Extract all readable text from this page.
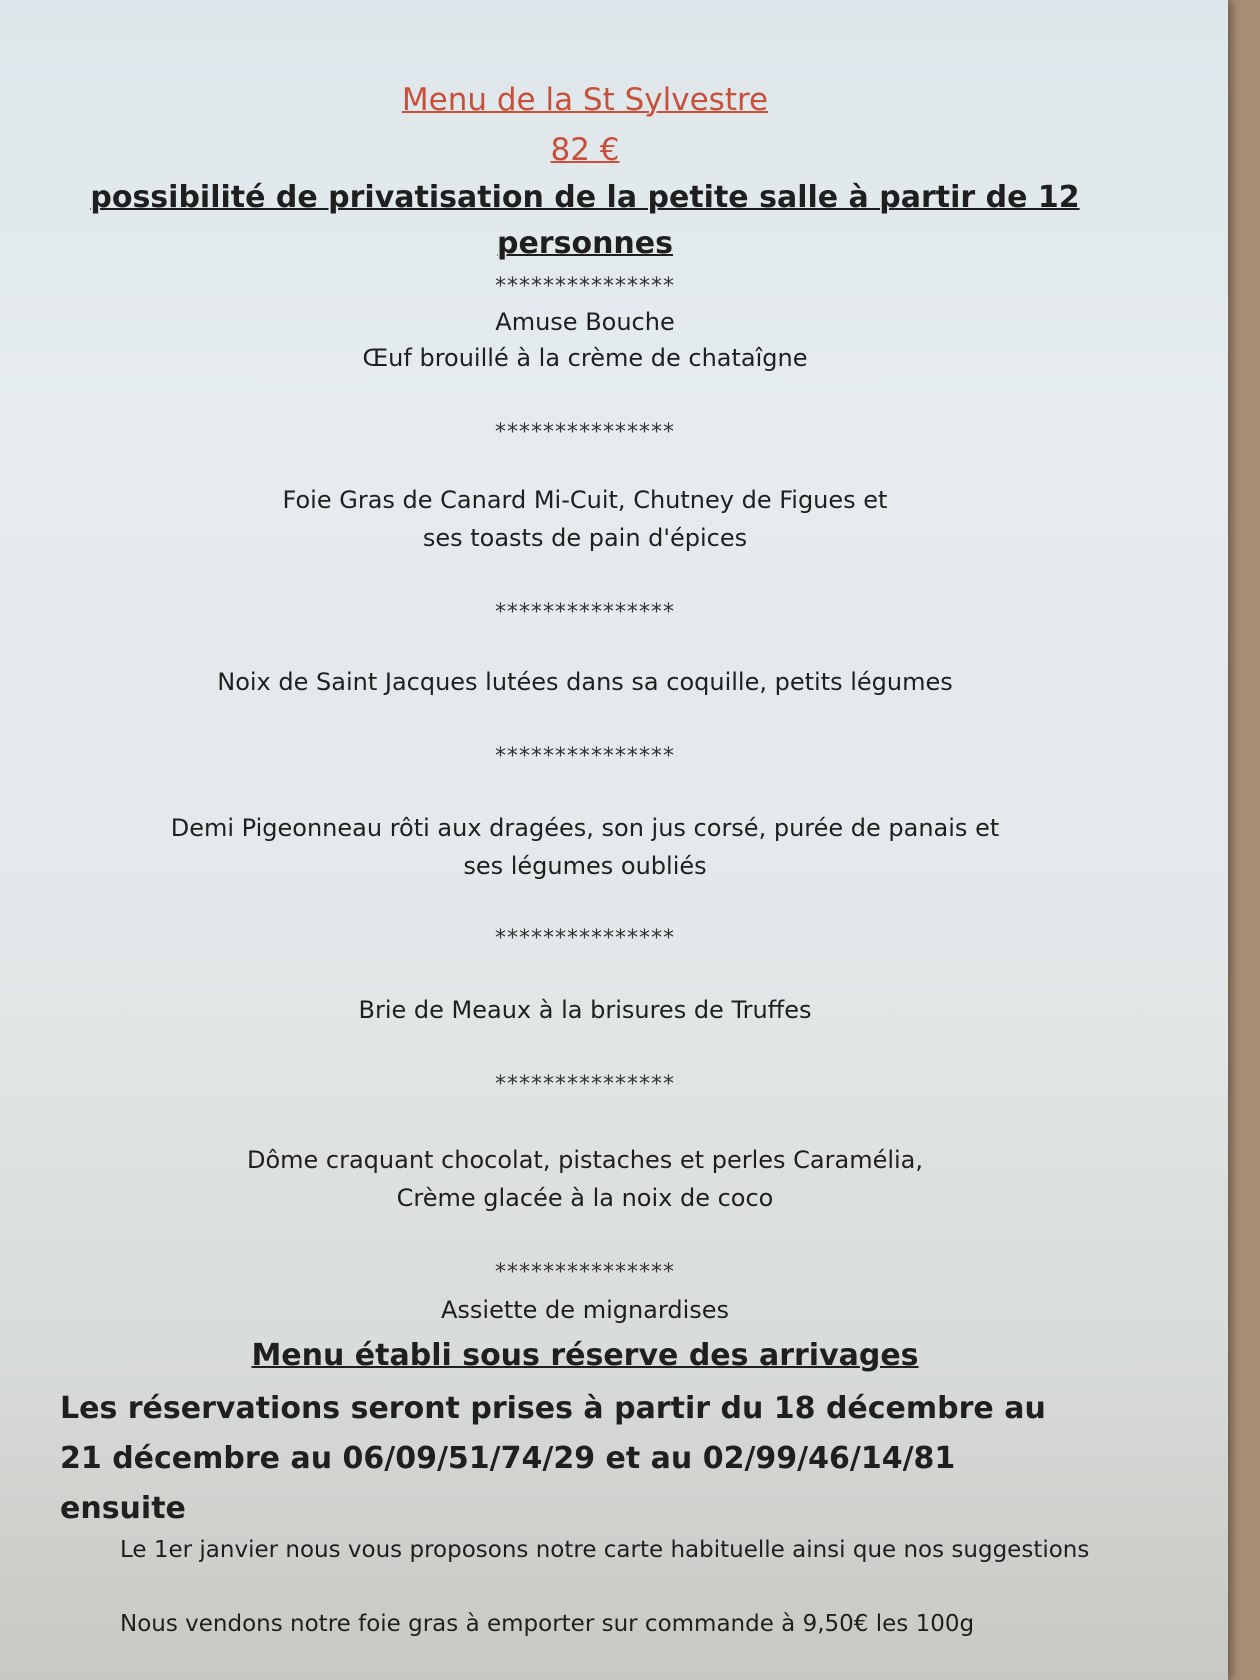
Menu de la St Sylvestre
82 €
possibilité de privatisation de la petite salle à partir de 12
personnes
***************
Amuse Bouche
Œuf brouillé à la crème de chataîgne
***************
Foie Gras de Canard Mi-Cuit, Chutney de Figues et
ses toasts de pain d'épices
***************
Noix de Saint Jacques lutées dans sa coquille, petits légumes
***************
Demi Pigeonneau rôti aux dragées, son jus corsé, purée de panais et
ses légumes oubliés
***************
Brie de Meaux à la brisures de Truffes
***************
Dôme craquant chocolat, pistaches et perles Caramélia,
Crème glacée à la noix de coco
***************
Assiette de mignardises
Menu établi sous réserve des arrivages
Les réservations seront prises à partir du 18 décembre au 21 décembre au 06/09/51/74/29 et au 02/99/46/14/81 ensuite
Le 1er janvier nous vous proposons notre carte habituelle ainsi que nos suggestions
Nous vendons notre foie gras à emporter sur commande à 9,50€ les 100g
